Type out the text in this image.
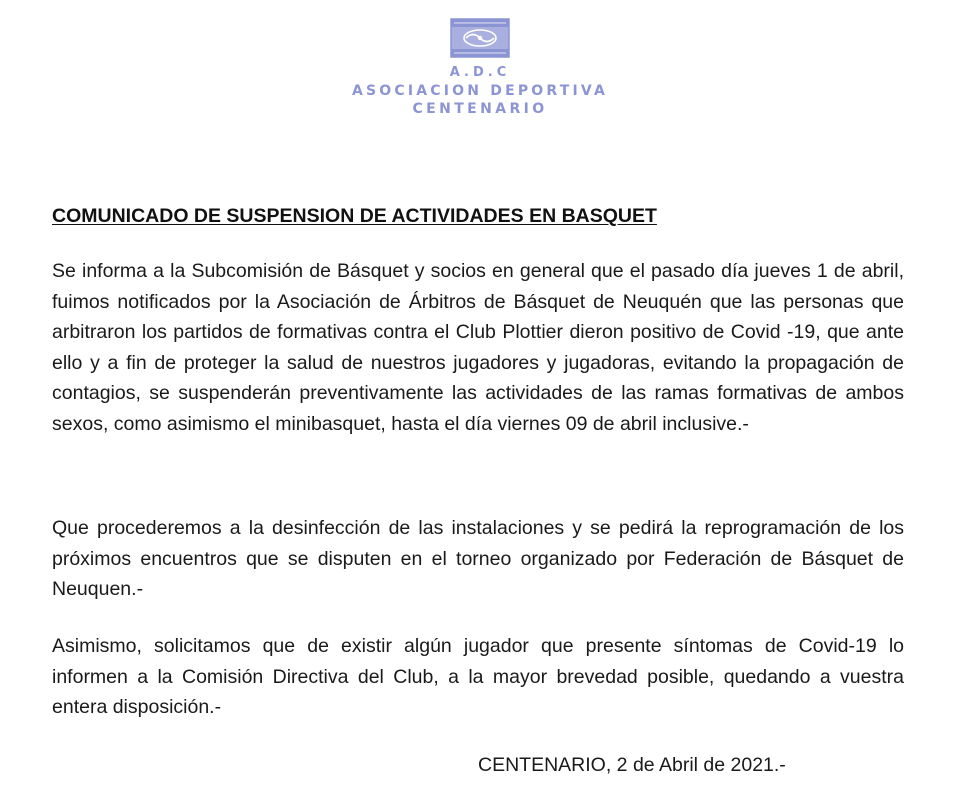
A.D.C
ASOCIACION DEPORTIVA
CENTENARIO
COMUNICADO DE SUSPENSION DE ACTIVIDADES EN BASQUET
Se informa a la Subcomisión de Básquet y socios en general que el pasado día jueves 1 de abril, fuimos notificados por la Asociación de Árbitros de Básquet de Neuquén que las personas que arbitraron los partidos de formativas contra el Club Plottier dieron positivo de Covid -19, que ante ello y a fin de proteger la salud de nuestros jugadores y jugadoras, evitando la propagación de contagios, se suspenderán preventivamente las actividades de las ramas formativas de ambos sexos, como asimismo el minibasquet, hasta el día viernes 09 de abril inclusive.-
Que procederemos a la desinfección de las instalaciones y se pedirá la reprogramación de los próximos encuentros que se disputen en el torneo organizado por Federación de Básquet de Neuquen.-
Asimismo, solicitamos que de existir algún jugador que presente síntomas de Covid-19 lo informen a la Comisión Directiva del Club, a la mayor brevedad posible, quedando a vuestra entera disposición.-
CENTENARIO, 2 de Abril de 2021.-
